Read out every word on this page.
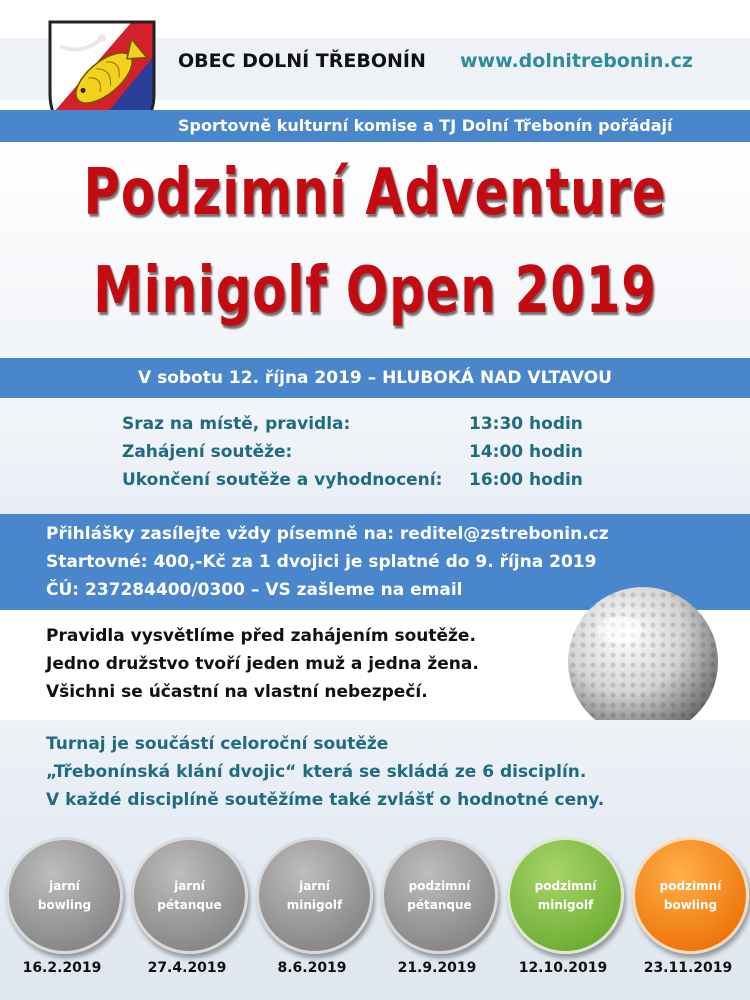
OBEC DOLNÍ TŘEBONÍN www.dolnitrebonin.cz
Sportovně kulturní komise a TJ Dolní Třebonín pořádají
Podzimní Adventure
Minigolf Open 2019
V sobotu 12. října 2019 – HLUBOKÁ NAD VLTAVOU
Sraz na místě, pravidla:	13:30 hodin
Zahájení soutěže:	14:00 hodin
Ukončení soutěže a vyhodnocení: 16:00 hodin
Přihlášky zasílejte vždy písemně na: reditel@zstrebonin.cz
Startovné: 400,-Kč za 1 dvojici je splatné do 9. října 2019
ČÚ: 237284400/0300 – VS zašleme na email
Pravidla vysvětlíme před zahájením soutěže.
Jedno družstvo tvoří jeden muž a jedna žena.
Všichni se účastní na vlastní nebezpečí.
Turnaj je součástí celoroční soutěže
„Třebonínská klání dvojic“ která se skládá ze 6 disciplín.
V každé disciplíně soutěžíme také zvlášť o hodnotné ceny.
jarní
bowling
jarní
pétanque
jarní
minigolf
podzimní
pétanque
podzimní
minigolf
podzimní
bowling
16.2.2019	27.4.2019	8.6.2019	21.9.2019	12.10.2019	23.11.2019
